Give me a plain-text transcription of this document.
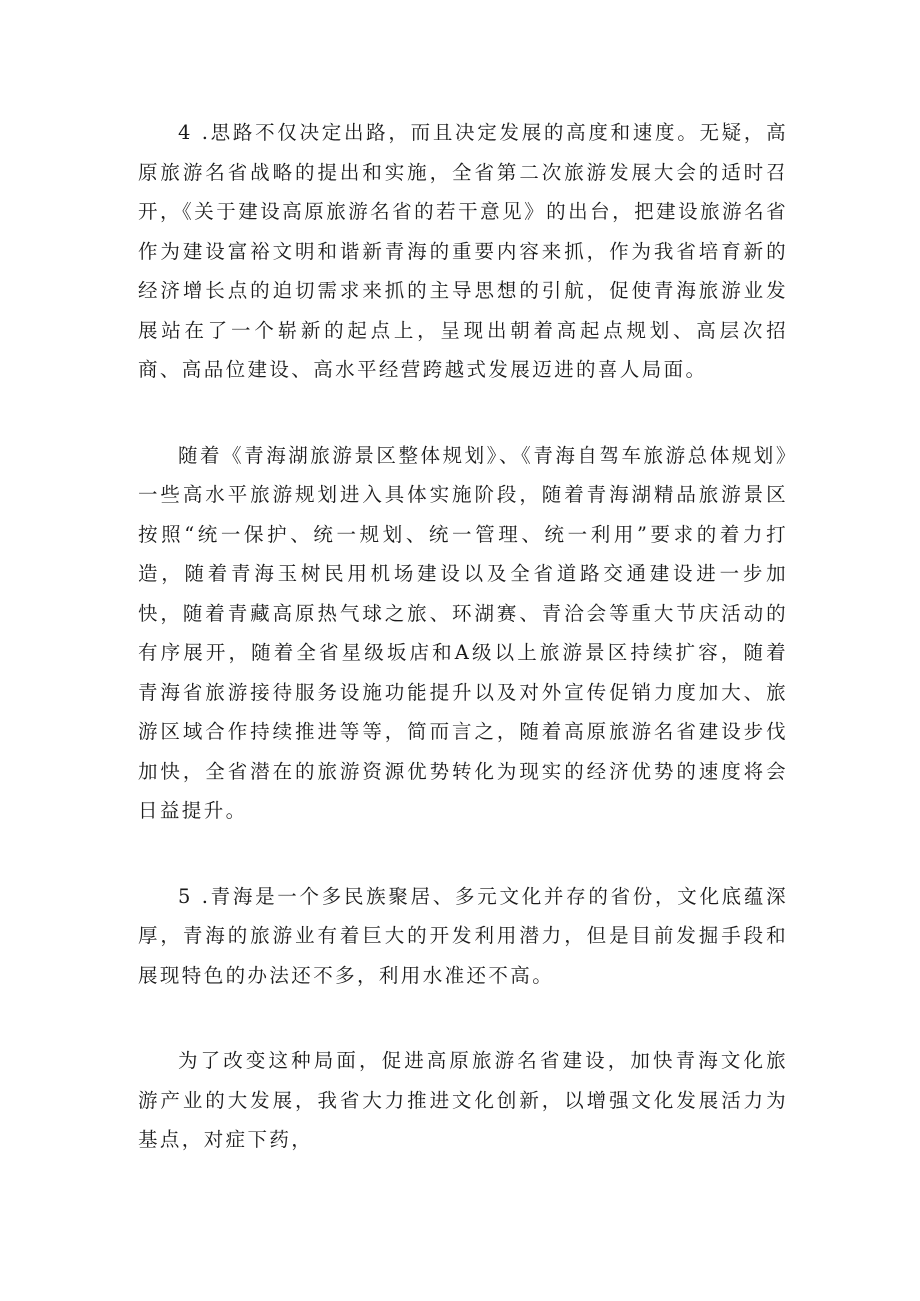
4 .思路不仅决定出路，而且决定发展的高度和速度。无疑，高原旅游名省战略的提出和实施，全省第二次旅游发展大会的适时召开，《关于建设高原旅游名省的若干意见》的出台，把建设旅游名省作为建设富裕文明和谐新青海的重要内容来抓，作为我省培育新的经济增长点的迫切需求来抓的主导思想的引航，促使青海旅游业发展站在了一个崭新的起点上，呈现出朝着高起点规划、高层次招商、高品位建设、高水平经营跨越式发展迈进的喜人局面。

随着《青海湖旅游景区整体规划》、《青海自驾车旅游总体规划》一些高水平旅游规划进入具体实施阶段，随着青海湖精品旅游景区按照“统一保护、统一规划、统一管理、统一利用”要求的着力打造，随着青海玉树民用机场建设以及全省道路交通建设进一步加快，随着青藏高原热气球之旅、环湖赛、青洽会等重大节庆活动的有序展开，随着全省星级坂店和A级以上旅游景区持续扩容，随着青海省旅游接待服务设施功能提升以及对外宣传促销力度加大、旅游区域合作持续推进等等，简而言之，随着高原旅游名省建设步伐加快，全省潜在的旅游资源优势转化为现实的经济优势的速度将会日益提升。

5 .青海是一个多民族聚居、多元文化并存的省份，文化底蕴深厚，青海的旅游业有着巨大的开发利用潜力，但是目前发掘手段和展现特色的办法还不多，利用水准还不高。

为了改变这种局面，促进高原旅游名省建设，加快青海文化旅游产业的大发展，我省大力推进文化创新，以增强文化发展活力为基点，对症下药，
